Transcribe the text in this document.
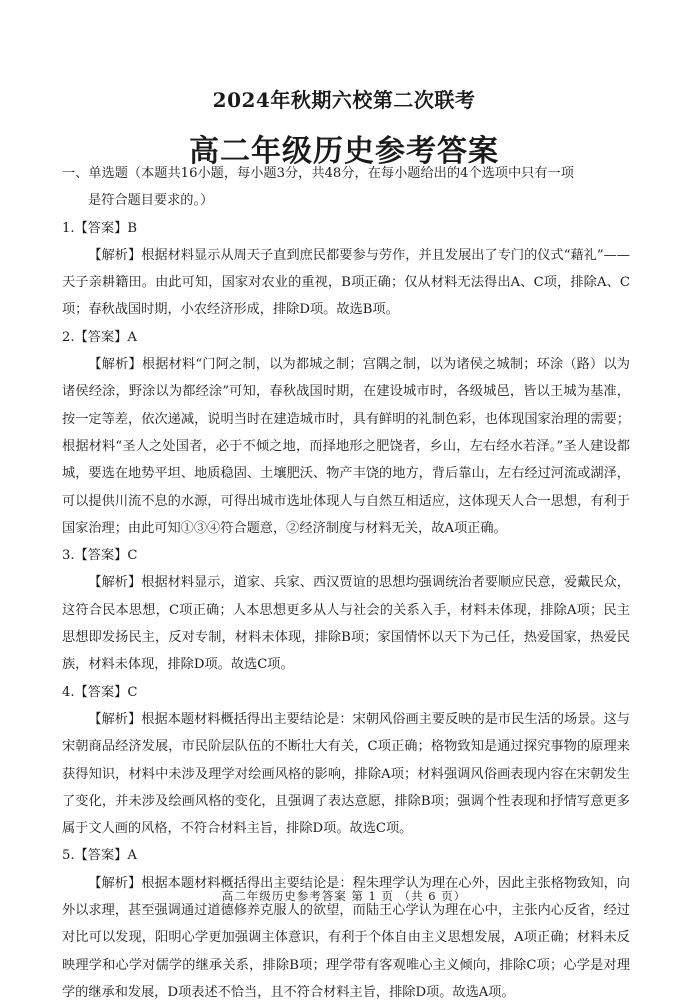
2024年秋期六校第二次联考
高二年级历史参考答案

一、单选题（本题共16小题，每小题3分，共48分，在每小题给出的4个选项中只有一项

是符合题目要求的。）

1.【答案】B

【解析】根据材料显示从周天子直到庶民都要参与劳作，并且发展出了专门的仪式“藉礼”——天子亲耕籍田。由此可知，国家对农业的重视，B项正确；仅从材料无法得出A、C项，排除A、C项；春秋战国时期，小农经济形成，排除D项。故选B项。

2.【答案】A

【解析】根据材料“门阿之制，以为都城之制；宫隅之制，以为诸侯之城制；环涂（路）以为诸侯经涂，野涂以为都经涂”可知，春秋战国时期，在建设城市时，各级城邑，皆以王城为基准，按一定等差，依次递减，说明当时在建造城市时，具有鲜明的礼制色彩，也体现国家治理的需要；根据材料“圣人之处国者，必于不倾之地，而择地形之肥饶者，乡山，左右经水若泽。”圣人建设都城，要选在地势平坦、地质稳固、土壤肥沃、物产丰饶的地方，背后靠山，左右经过河流或湖泽，可以提供川流不息的水源，可得出城市选址体现人与自然互相适应，这体现天人合一思想，有利于国家治理；由此可知①③④符合题意，②经济制度与材料无关，故A项正确。

3.【答案】C

【解析】根据材料显示，道家、兵家、西汉贾谊的思想均强调统治者要顺应民意，爱戴民众，这符合民本思想，C项正确；人本思想更多从人与社会的关系入手，材料未体现，排除A项；民主思想即发扬民主，反对专制，材料未体现，排除B项；家国情怀以天下为己任，热爱国家，热爱民族，材料未体现，排除D项。故选C项。

4.【答案】C

【解析】根据本题材料概括得出主要结论是：宋朝风俗画主要反映的是市民生活的场景。这与宋朝商品经济发展，市民阶层队伍的不断壮大有关，C项正确；格物致知是通过探究事物的原理来获得知识，材料中未涉及理学对绘画风格的影响，排除A项；材料强调风俗画表现内容在宋朝发生了变化，并未涉及绘画风格的变化，且强调了表达意愿，排除B项；强调个性表现和抒情写意更多属于文人画的风格，不符合材料主旨，排除D项。故选C项。

5.【答案】A

【解析】根据本题材料概括得出主要结论是：程朱理学认为理在心外，因此主张格物致知，向外以求理，甚至强调通过道德修养克服人的欲望，而陆王心学认为理在心中，主张内心反省，经过对比可以发现，阳明心学更加强调主体意识，有利于个体自由主义思想发展，A项正确；材料未反映理学和心学对儒学的继承关系，排除B项；理学带有客观唯心主义倾向，排除C项；心学是对理学的继承和发展，D项表述不恰当，且不符合材料主旨，排除D项。故选A项。

高二年级历史参考答案 第 1 页 （共 6 页）
